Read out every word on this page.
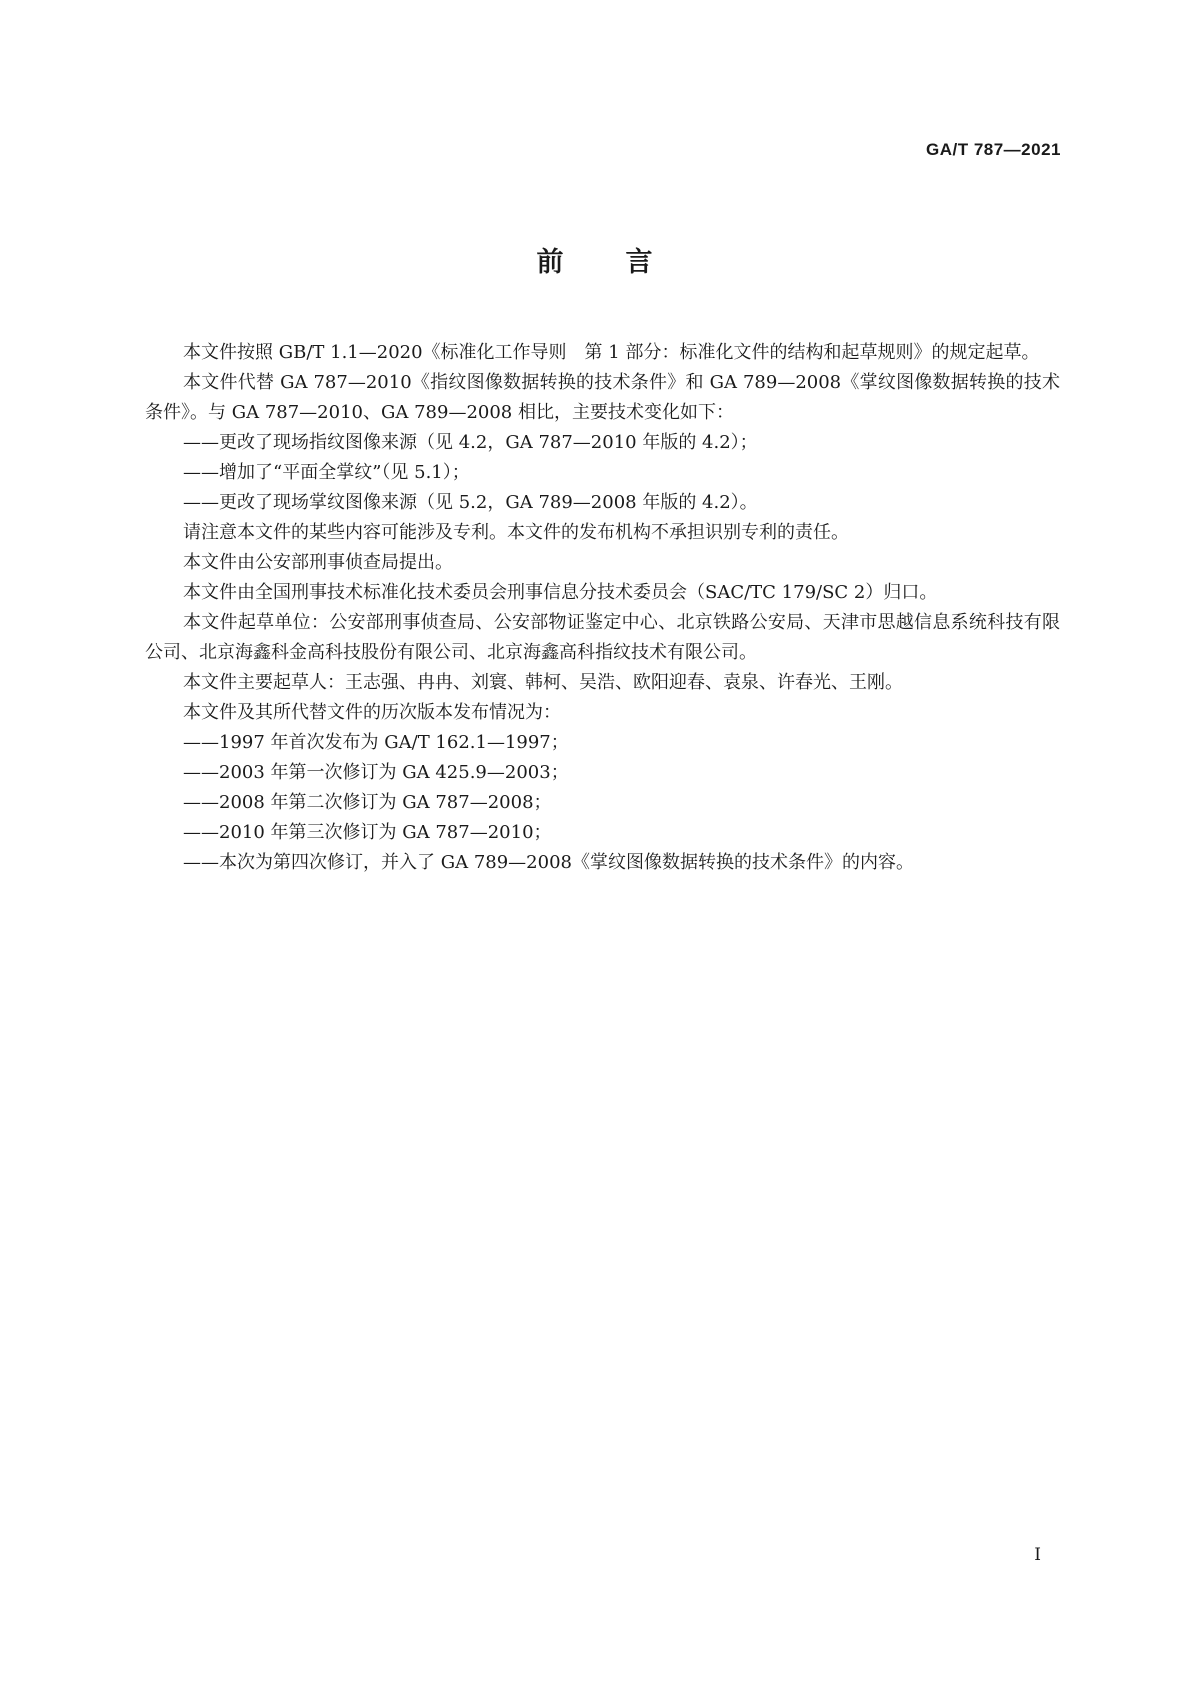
GA/T 787—2021
前 言

本文件按照 GB/T 1.1—2020《标准化工作导则　第 1 部分：标准化文件的结构和起草规则》的规定起草。

本文件代替 GA 787—2010《指纹图像数据转换的技术条件》和 GA 789—2008《掌纹图像数据转换的技术条件》。与 GA 787—2010、GA 789—2008 相比，主要技术变化如下：

——更改了现场指纹图像来源（见 4.2，GA 787—2010 年版的 4.2）；

——增加了“平面全掌纹”（见 5.1）；

——更改了现场掌纹图像来源（见 5.2，GA 789—2008 年版的 4.2）。

请注意本文件的某些内容可能涉及专利。本文件的发布机构不承担识别专利的责任。

本文件由公安部刑事侦查局提出。

本文件由全国刑事技术标准化技术委员会刑事信息分技术委员会（SAC/TC 179/SC 2）归口。

本文件起草单位：公安部刑事侦查局、公安部物证鉴定中心、北京铁路公安局、天津市思越信息系统科技有限公司、北京海鑫科金高科技股份有限公司、北京海鑫高科指纹技术有限公司。

本文件主要起草人：王志强、冉冉、刘寰、韩柯、吴浩、欧阳迎春、袁泉、许春光、王刚。

本文件及其所代替文件的历次版本发布情况为：

——1997 年首次发布为 GA/T 162.1—1997；

——2003 年第一次修订为 GA 425.9—2003；

——2008 年第二次修订为 GA 787—2008；

——2010 年第三次修订为 GA 787—2010；

——本次为第四次修订，并入了 GA 789—2008《掌纹图像数据转换的技术条件》的内容。

I
